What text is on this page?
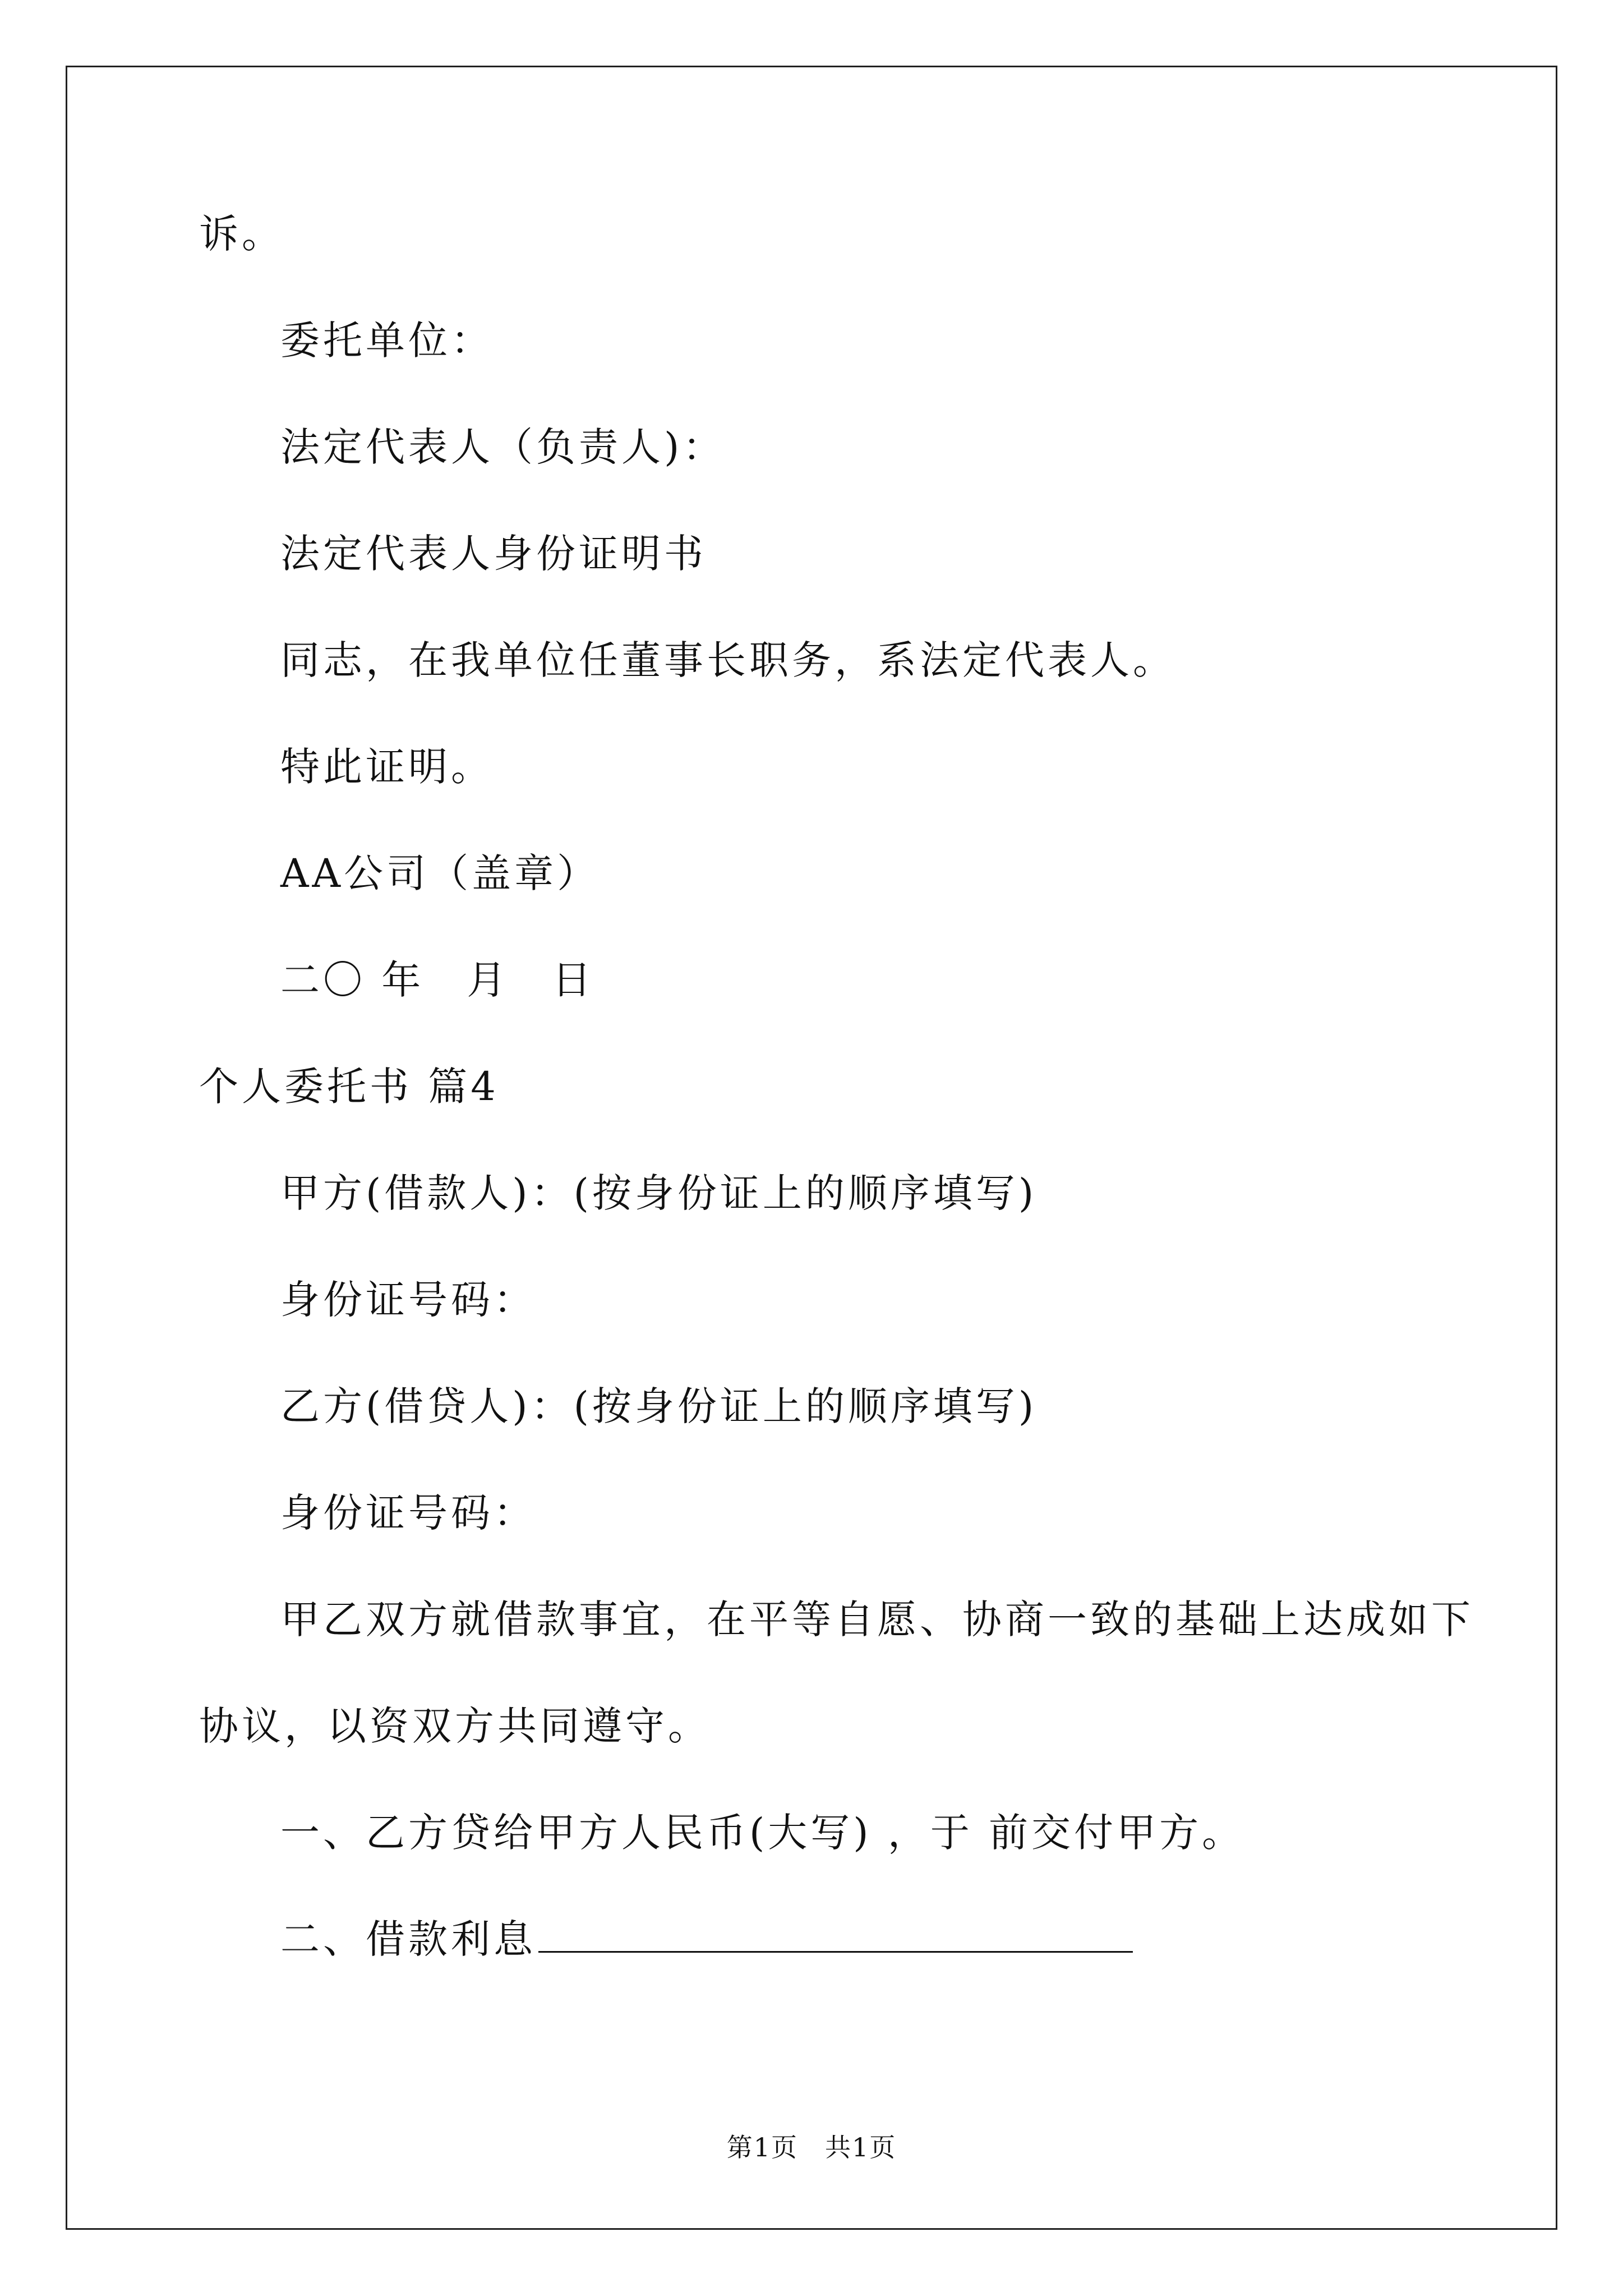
诉。
委托单位：
法定代表人（负责人)：
法定代表人身份证明书
同志，在我单位任董事长职务，系法定代表人。
特此证明。
AA公司（盖章）
二〇 年　月　日
个人委托书 篇4
甲方(借款人)：(按身份证上的顺序填写)
身份证号码：
乙方(借贷人)：(按身份证上的顺序填写)
身份证号码：
甲乙双方就借款事宜，在平等自愿、协商一致的基础上达成如下
协议，以资双方共同遵守。
一、乙方贷给甲方人民币(大写) ，于 前交付甲方。
二、借款利息
第1页　共1页
